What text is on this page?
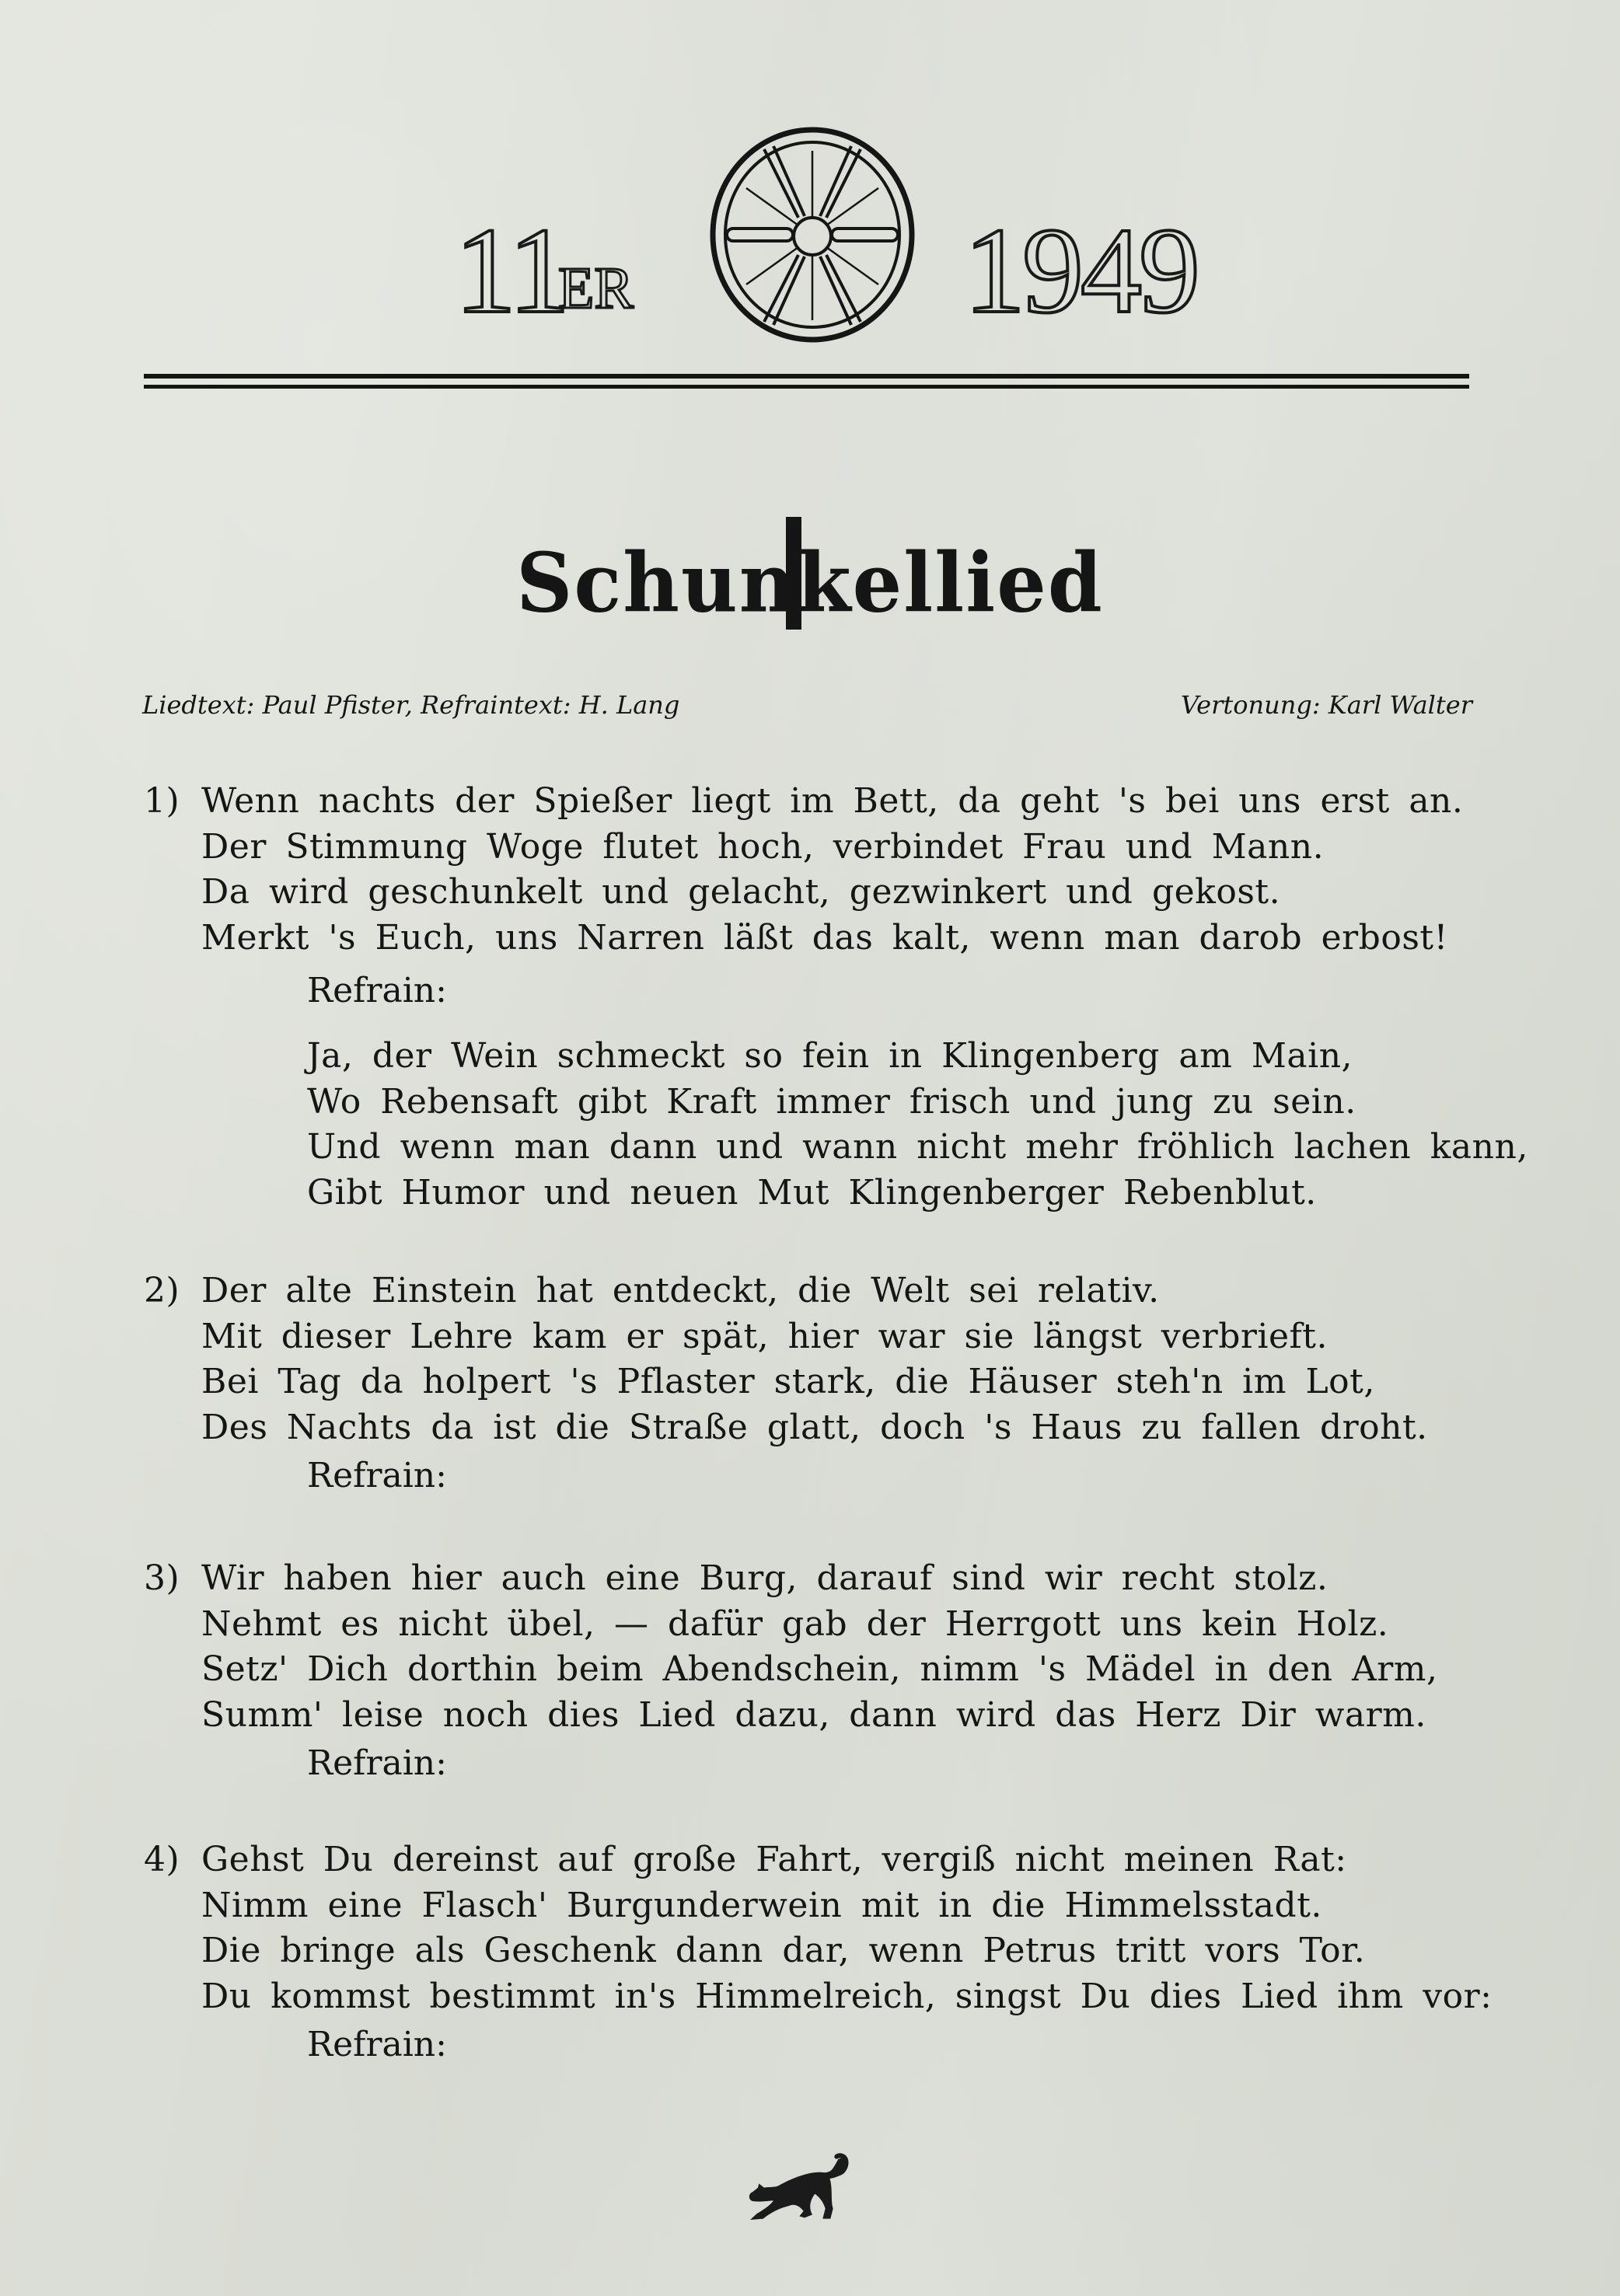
11
ER	1949
Schunkellied
Liedtext: Paul Pfister, Refraintext: H. Lang	Vertonung: Karl Walter
1) Wenn nachts der Spießer liegt im Bett, da geht 's bei uns erst an.
Der Stimmung Woge flutet hoch, verbindet Frau und Mann.
Da wird geschunkelt und gelacht, gezwinkert und gekost.
Merkt 's Euch, uns Narren läßt das kalt, wenn man darob erbost!
Refrain:
Ja, der Wein schmeckt so fein in Klingenberg am Main,
Wo Rebensaft gibt Kraft immer frisch und jung zu sein.
Und wenn man dann und wann nicht mehr fröhlich lachen kann,
Gibt Humor und neuen Mut Klingenberger Rebenblut.
2) Der alte Einstein hat entdeckt, die Welt sei relativ.
Mit dieser Lehre kam er spät, hier war sie längst verbrieft.
Bei Tag da holpert 's Pflaster stark, die Häuser steh'n im Lot,
Des Nachts da ist die Straße glatt, doch 's Haus zu fallen droht.
Refrain:
3) Wir haben hier auch eine Burg, darauf sind wir recht stolz.
Nehmt es nicht übel, — dafür gab der Herrgott uns kein Holz.
Setz' Dich dorthin beim Abendschein, nimm 's Mädel in den Arm,
Summ' leise noch dies Lied dazu, dann wird das Herz Dir warm.
Refrain:
4) Gehst Du dereinst auf große Fahrt, vergiß nicht meinen Rat:
Nimm eine Flasch' Burgunderwein mit in die Himmelsstadt.
Die bringe als Geschenk dann dar, wenn Petrus tritt vors Tor.
Du kommst bestimmt in's Himmelreich, singst Du dies Lied ihm vor:
Refrain:
